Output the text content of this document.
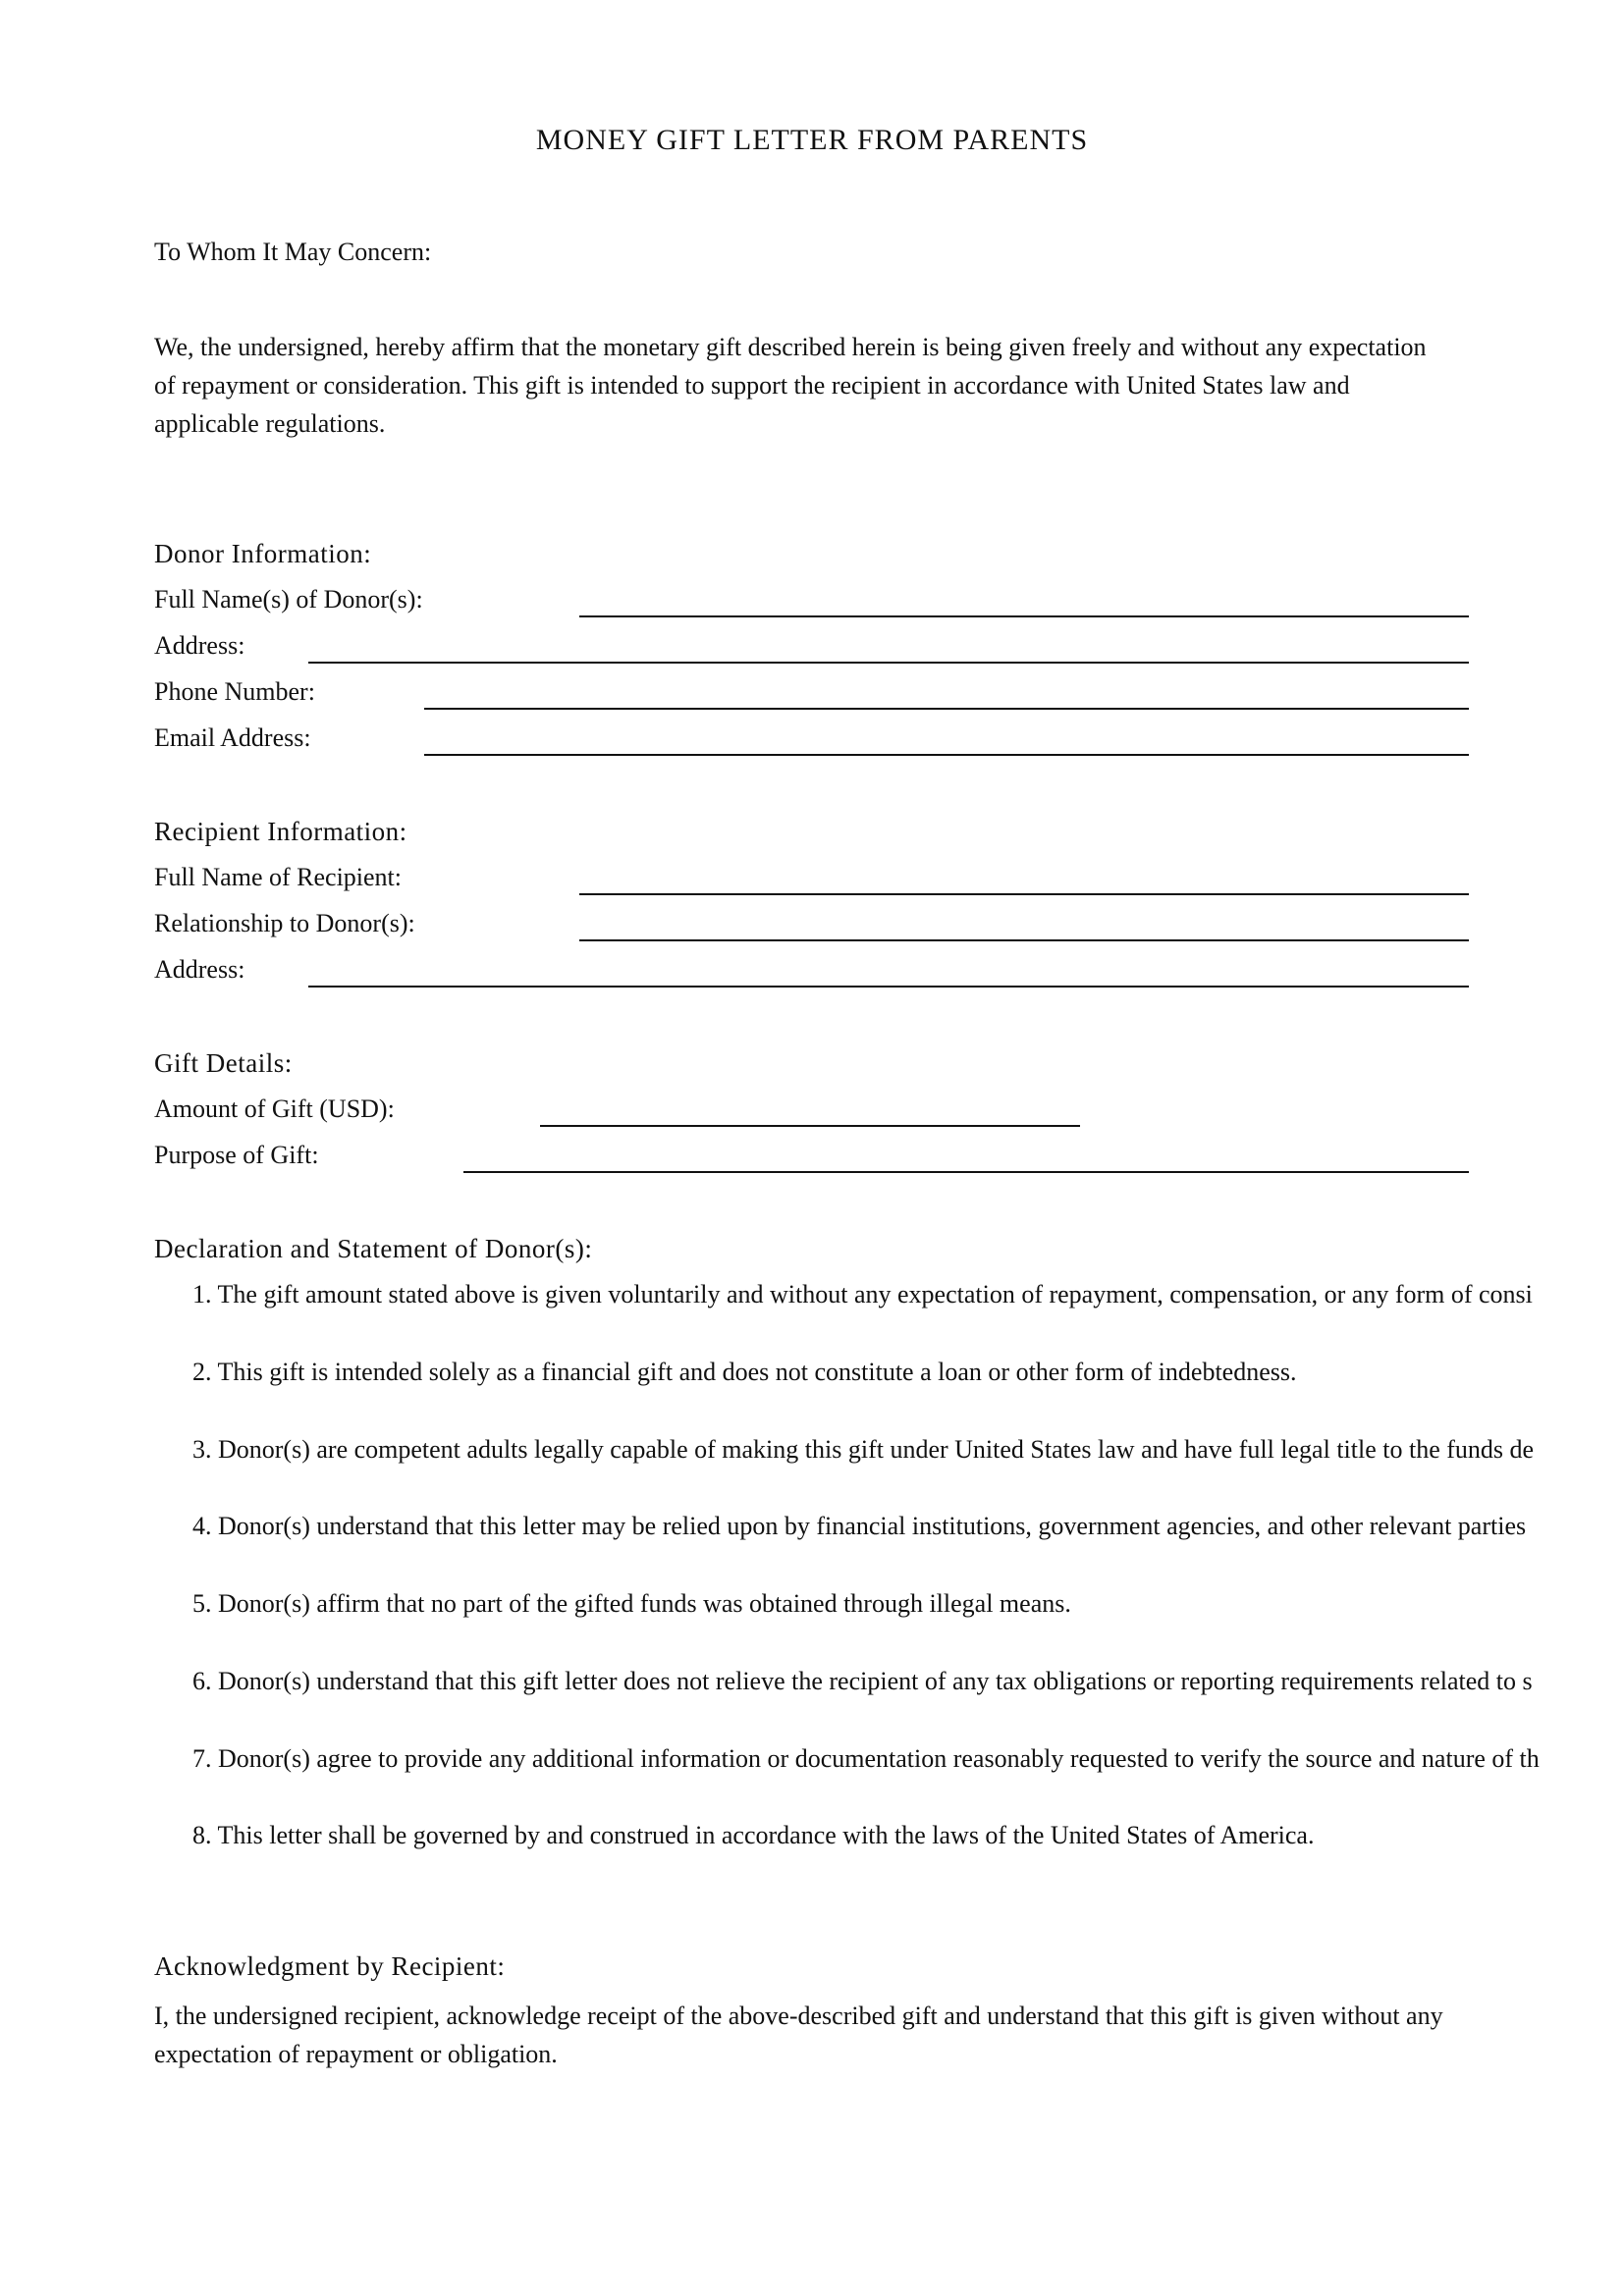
MONEY GIFT LETTER FROM PARENTS
To Whom It May Concern:

We, the undersigned, hereby affirm that the monetary gift described herein is being given freely and without any expectation of repayment or consideration. This gift is intended to support the recipient in accordance with United States law and applicable regulations.

Donor Information:
Full Name(s) of Donor(s):
Address:
Phone Number:
Email Address:
Recipient Information:
Full Name of Recipient:
Relationship to Donor(s):
Address:
Gift Details:
Amount of Gift (USD):
Purpose of Gift:
Declaration and Statement of Donor(s):
1. The gift amount stated above is given voluntarily and without any expectation of repayment, compensation, or any form of consi
2. This gift is intended solely as a financial gift and does not constitute a loan or other form of indebtedness.
3. Donor(s) are competent adults legally capable of making this gift under United States law and have full legal title to the funds de
4. Donor(s) understand that this letter may be relied upon by financial institutions, government agencies, and other relevant parties
5. Donor(s) affirm that no part of the gifted funds was obtained through illegal means.
6. Donor(s) understand that this gift letter does not relieve the recipient of any tax obligations or reporting requirements related to s
7. Donor(s) agree to provide any additional information or documentation reasonably requested to verify the source and nature of th
8. This letter shall be governed by and construed in accordance with the laws of the United States of America.
Acknowledgment by Recipient:

I, the undersigned recipient, acknowledge receipt of the above-described gift and understand that this gift is given without any expectation of repayment or obligation.
